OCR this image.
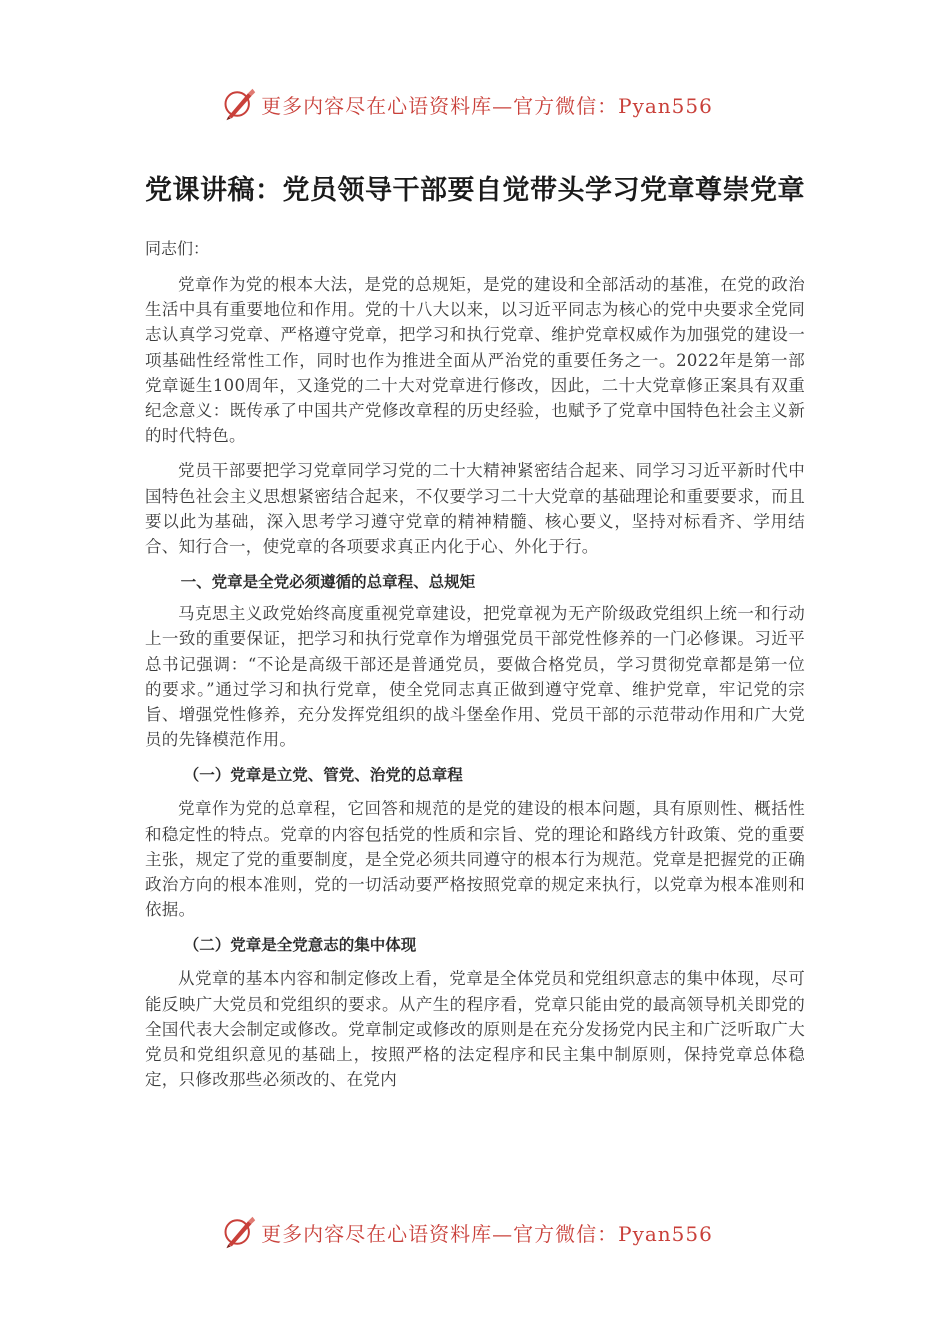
更多内容尽在心语资料库—官方微信：Pyan556
党课讲稿：党员领导干部要自觉带头学习党章尊崇党章

同志们：

党章作为党的根本大法，是党的总规矩，是党的建设和全部活动的基准，在党的政治生活中具有重要地位和作用。党的十八大以来，以习近平同志为核心的党中央要求全党同志认真学习党章、严格遵守党章，把学习和执行党章、维护党章权威作为加强党的建设一项基础性经常性工作，同时也作为推进全面从严治党的重要任务之一。2022年是第一部党章诞生100周年，又逢党的二十大对党章进行修改，因此，二十大党章修正案具有双重纪念意义：既传承了中国共产党修改章程的历史经验，也赋予了党章中国特色社会主义新的时代特色。

党员干部要把学习党章同学习党的二十大精神紧密结合起来、同学习习近平新时代中国特色社会主义思想紧密结合起来，不仅要学习二十大党章的基础理论和重要要求，而且要以此为基础，深入思考学习遵守党章的精神精髓、核心要义，坚持对标看齐、学用结合、知行合一，使党章的各项要求真正内化于心、外化于行。

一、党章是全党必须遵循的总章程、总规矩

马克思主义政党始终高度重视党章建设，把党章视为无产阶级政党组织上统一和行动上一致的重要保证，把学习和执行党章作为增强党员干部党性修养的一门必修课。习近平总书记强调：“不论是高级干部还是普通党员，要做合格党员，学习贯彻党章都是第一位的要求。”通过学习和执行党章，使全党同志真正做到遵守党章、维护党章，牢记党的宗旨、增强党性修养，充分发挥党组织的战斗堡垒作用、党员干部的示范带动作用和广大党员的先锋模范作用。

（一）党章是立党、管党、治党的总章程

党章作为党的总章程，它回答和规范的是党的建设的根本问题，具有原则性、概括性和稳定性的特点。党章的内容包括党的性质和宗旨、党的理论和路线方针政策、党的重要主张，规定了党的重要制度，是全党必须共同遵守的根本行为规范。党章是把握党的正确政治方向的根本准则，党的一切活动要严格按照党章的规定来执行，以党章为根本准则和依据。

（二）党章是全党意志的集中体现

从党章的基本内容和制定修改上看，党章是全体党员和党组织意志的集中体现，尽可能反映广大党员和党组织的要求。从产生的程序看，党章只能由党的最高领导机关即党的全国代表大会制定或修改。党章制定或修改的原则是在充分发扬党内民主和广泛听取广大党员和党组织意见的基础上，按照严格的法定程序和民主集中制原则，保持党章总体稳定，只修改那些必须改的、在党内

更多内容尽在心语资料库—官方微信：Pyan556
